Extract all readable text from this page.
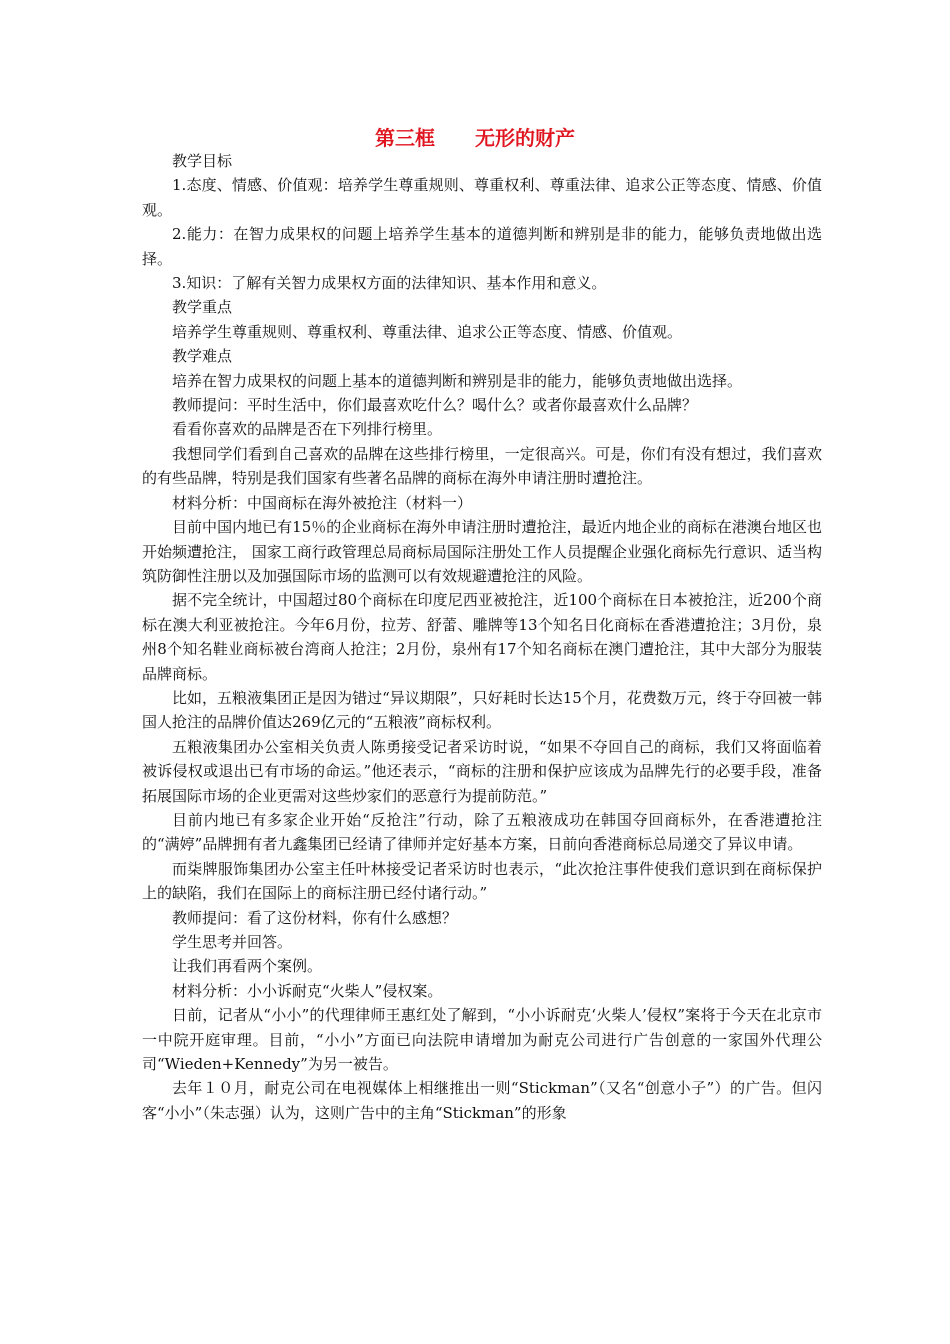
第三框　　无形的财产

教学目标

1.态度、情感、价值观：培养学生尊重规则、尊重权利、尊重法律、追求公正等态度、情感、价值观。

2.能力：在智力成果权的问题上培养学生基本的道德判断和辨别是非的能力，能够负责地做出选择。

3.知识：了解有关智力成果权方面的法律知识、基本作用和意义。

教学重点

培养学生尊重规则、尊重权利、尊重法律、追求公正等态度、情感、价值观。

教学难点

培养在智力成果权的问题上基本的道德判断和辨别是非的能力，能够负责地做出选择。

教师提问：平时生活中，你们最喜欢吃什么？喝什么？或者你最喜欢什么品牌？

看看你喜欢的品牌是否在下列排行榜里。

我想同学们看到自己喜欢的品牌在这些排行榜里，一定很高兴。可是，你们有没有想过，我们喜欢的有些品牌，特别是我们国家有些著名品牌的商标在海外申请注册时遭抢注。

材料分析：中国商标在海外被抢注（材料一）

目前中国内地已有15％的企业商标在海外申请注册时遭抢注，最近内地企业的商标在港澳台地区也开始频遭抢注， 国家工商行政管理总局商标局国际注册处工作人员提醒企业强化商标先行意识、适当构筑防御性注册以及加强国际市场的监测可以有效规避遭抢注的风险。

据不完全统计，中国超过80个商标在印度尼西亚被抢注，近100个商标在日本被抢注，近200个商标在澳大利亚被抢注。今年6月份，拉芳、舒蕾、雕牌等13个知名日化商标在香港遭抢注；3月份，泉州8个知名鞋业商标被台湾商人抢注；2月份，泉州有17个知名商标在澳门遭抢注，其中大部分为服装品牌商标。

比如，五粮液集团正是因为错过“异议期限”，只好耗时长达15个月，花费数万元，终于夺回被一韩国人抢注的品牌价值达269亿元的“五粮液”商标权利。

五粮液集团办公室相关负责人陈勇接受记者采访时说，“如果不夺回自己的商标，我们又将面临着被诉侵权或退出已有市场的命运。”他还表示，“商标的注册和保护应该成为品牌先行的必要手段，准备拓展国际市场的企业更需对这些炒家们的恶意行为提前防范。”

目前内地已有多家企业开始“反抢注”行动，除了五粮液成功在韩国夺回商标外，在香港遭抢注的“满婷”品牌拥有者九鑫集团已经请了律师并定好基本方案，日前向香港商标总局递交了异议申请。

而柒牌服饰集团办公室主任叶林接受记者采访时也表示，“此次抢注事件使我们意识到在商标保护上的缺陷，我们在国际上的商标注册已经付诸行动。”

教师提问：看了这份材料，你有什么感想？

学生思考并回答。

让我们再看两个案例。

材料分析：小小诉耐克“火柴人”侵权案。

日前，记者从“小小”的代理律师王惠红处了解到，“小小诉耐克‘火柴人’侵权”案将于今天在北京市一中院开庭审理。目前，“小小”方面已向法院申请增加为耐克公司进行广告创意的一家国外代理公司“Wieden+Kennedy”为另一被告。

去年１０月，耐克公司在电视媒体上相继推出一则“Stickman”（又名“创意小子”）的广告。但闪客“小小”（朱志强）认为，这则广告中的主角“Stickman”的形象
